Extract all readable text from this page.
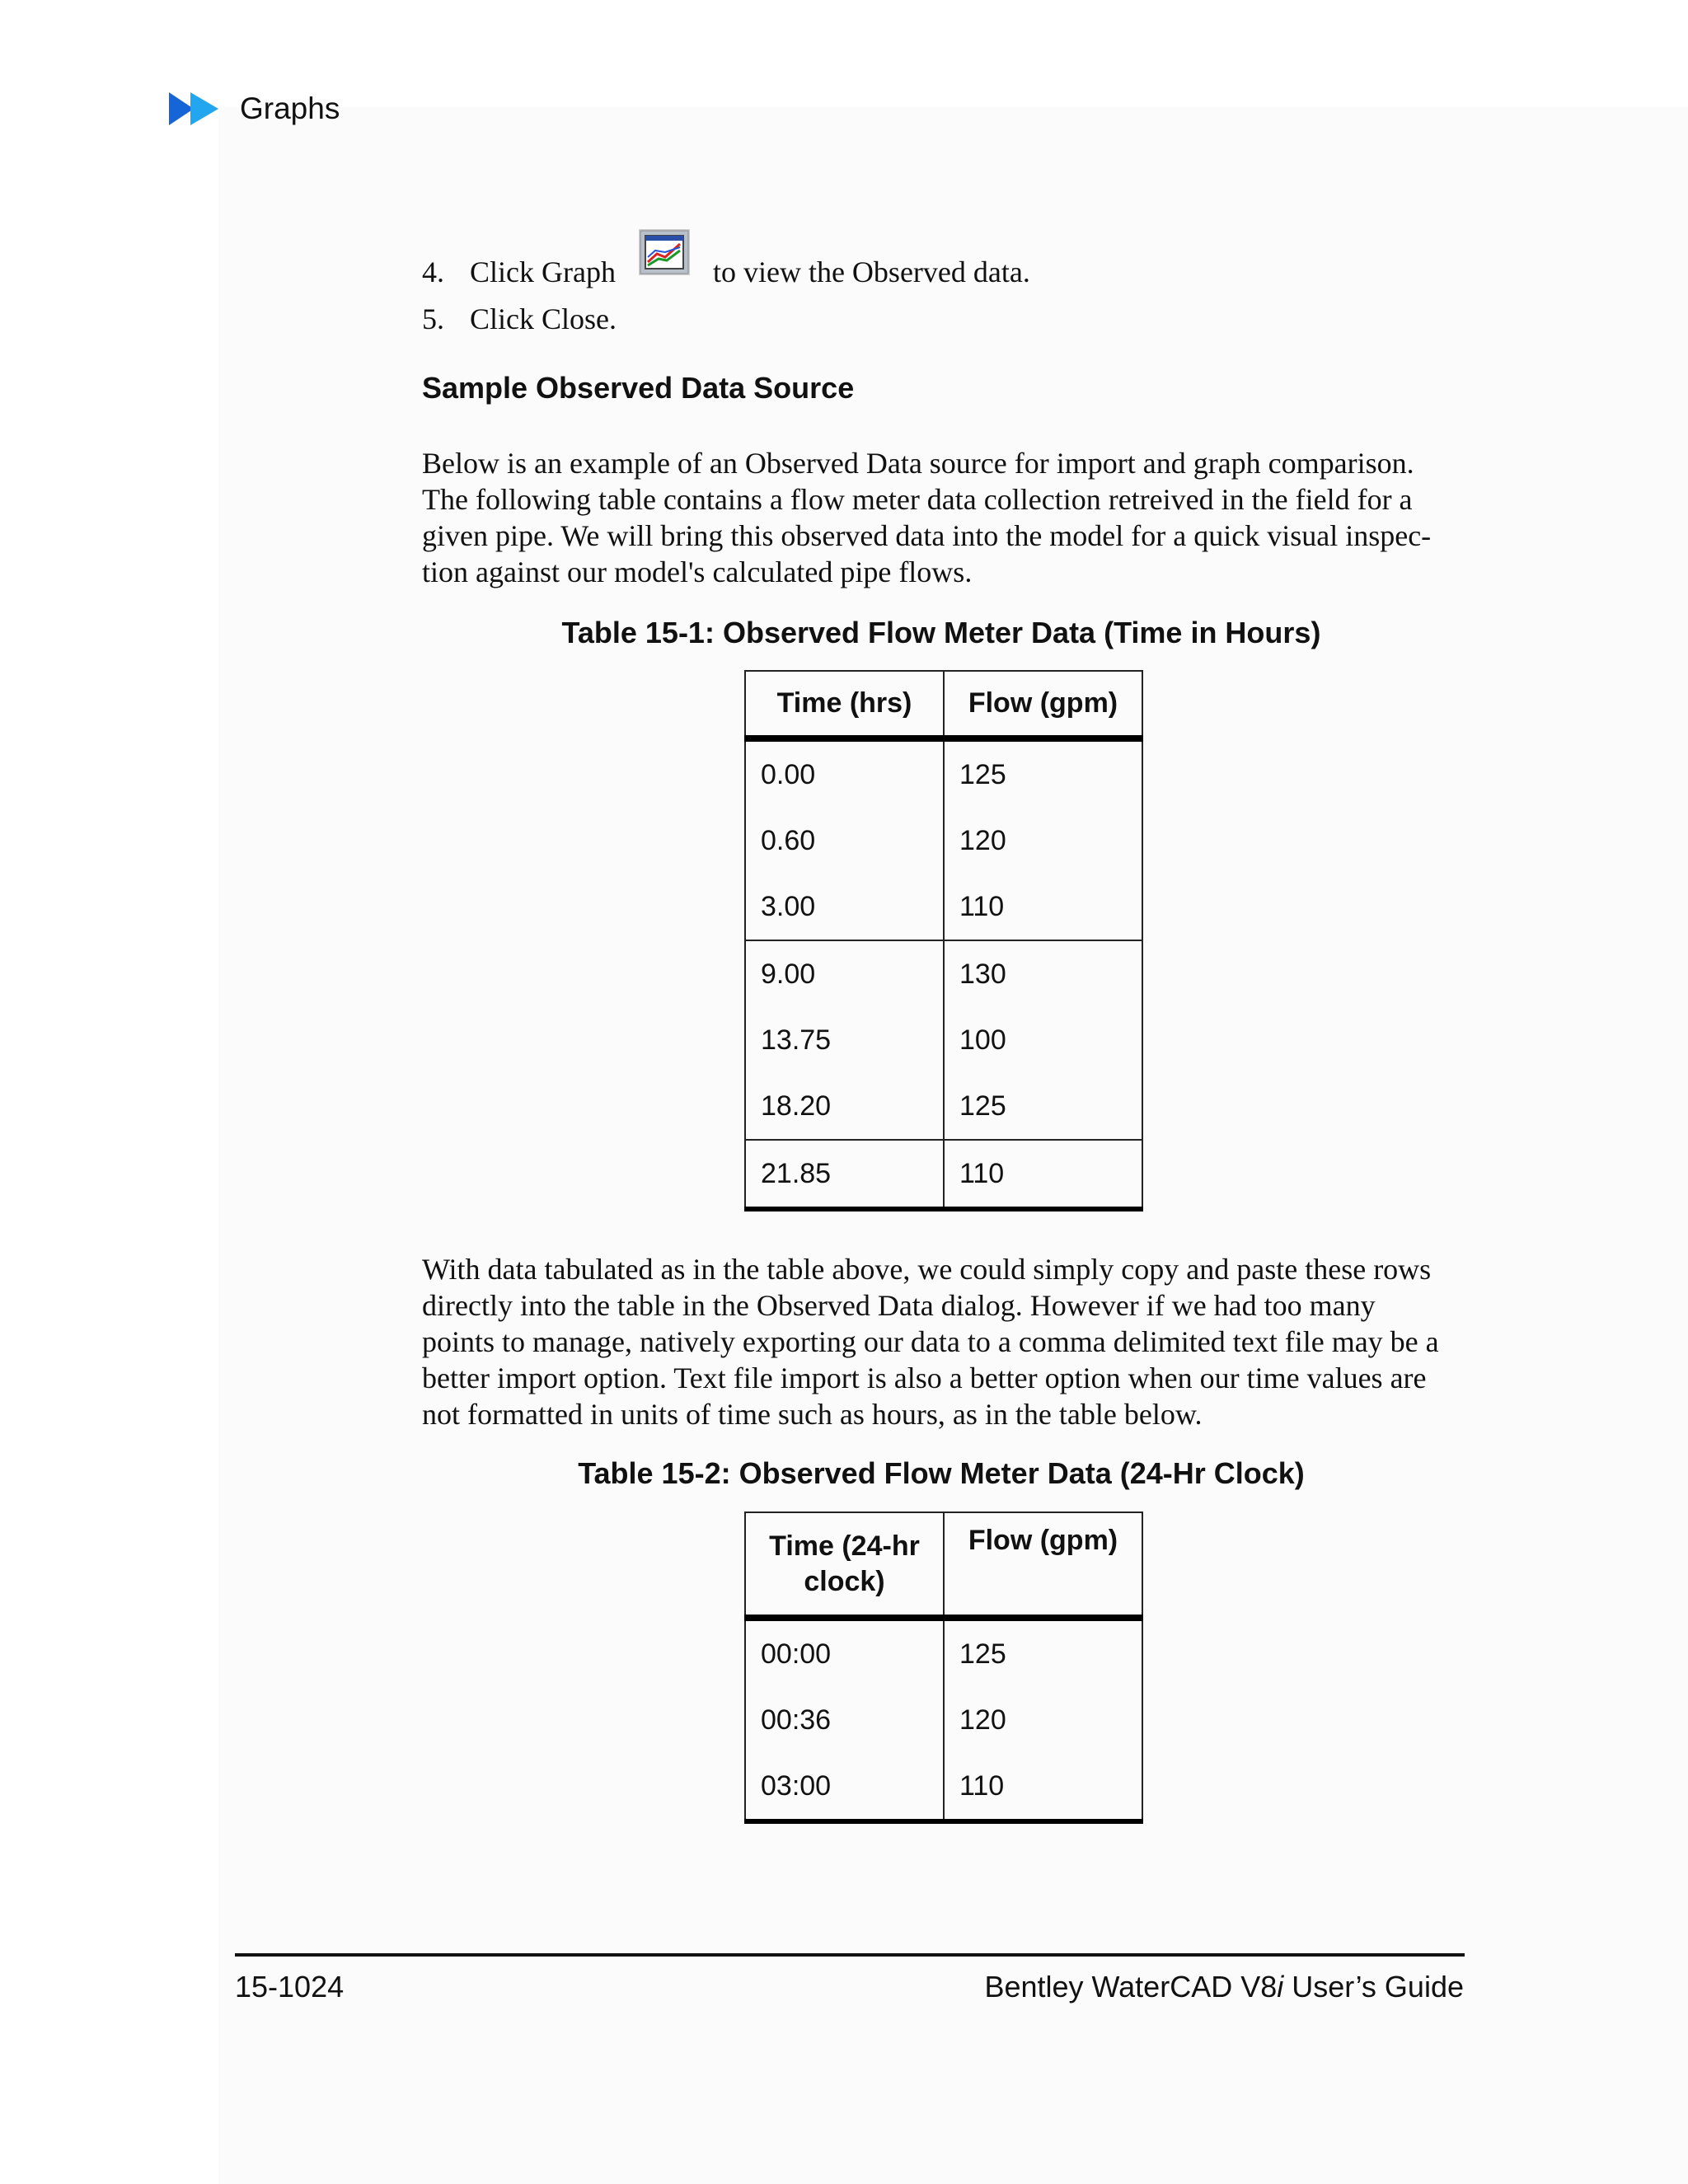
Graphs
4. Click Graph	to view the Observed data.
5. Click Close.
Sample Observed Data Source

Below is an example of an Observed Data source for import and graph comparison.
The following table contains a flow meter data collection retreived in the field for a
given pipe. We will bring this observed data into the model for a quick visual inspec-
tion against our model's calculated pipe flows.

Table 15-1: Observed Flow Meter Data (Time in Hours)
Time (hrs)	Flow (gpm)
0.00	125
0.60	120
3.00	110
9.00	130
13.75	100
18.20	125
21.85	110

With data tabulated as in the table above, we could simply copy and paste these rows
directly into the table in the Observed Data dialog. However if we had too many
points to manage, natively exporting our data to a comma delimited text file may be a
better import option. Text file import is also a better option when our time values are
not formatted in units of time such as hours, as in the table below.

Table 15-2: Observed Flow Meter Data (24-Hr Clock)
Time (24-hr
clock)	Flow (gpm)
00:00	125
00:36	120
03:00	110
15-1024	Bentley WaterCAD V8i User’s Guide
